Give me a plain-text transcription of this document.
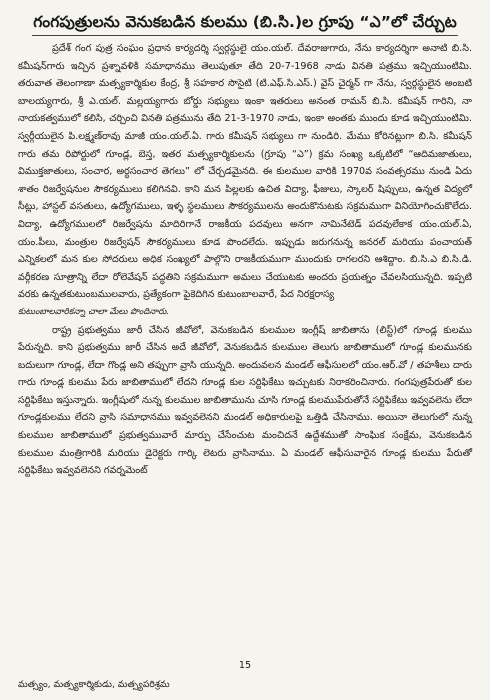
గంగపుత్రులను వెనుకబడిన కులము (బి.సి.)ల గ్రూపు “ఎ”లో చేర్చుట

ప్రదేశ్ గంగ పుత్ర సంఘం ప్రధాన కార్యదర్శి స్వర్గస్థులై యం.యల్. దేవరాజుగారు, నేను కార్యదర్శిగా అనాటి బి.సి. కమీషన్‌గారు ఇచ్చిన ప్రశ్నావళికి సమాధానము తెలుపుతూ తేది 20-7-1968 నాడు వినతి పత్రము ఇచ్చియుంటిమి. తరువాత తెలంగాణా మత్స్యకార్మికుల కేంద్ర, శ్రీ సహకార సొసైటి (టి.ఎఫ్.సి.ఎస్.) వైస్ చైర్మన్ గా నేను, స్వర్గస్థులైన అంబటి బాలయ్యగారు, శ్రీ ఎ.యల్. మల్లయ్యగారు బోర్డు సభ్యులు ఇంకా ఇతరులు అనంత రామన్ బి.సి. కమీషన్ గారిని, నా నాయకత్వములో కలిసి, చర్చించి వినతి పత్రమును తేది 21-3-1970 నాడు, ఇంకా అంతకు ముందు కూడ ఇచ్చియుంటిమి. స్వర్గీయులైన పి.లక్ష్మణ్‌రావు మాజీ యం.యల్.ఏ. గారు కమీషన్ సభ్యులు గా నుండిరి. మేము కోరినట్లుగా బి.సి. కమీషన్ గారు తమ రిపోర్టులో గూండ్ల, బెస్త, ఇతర మత్స్యకార్మికులను (గ్రూపు “ఎ”) క్రమ సంఖ్య ఒక్కటిలో “ఆదిమజాతులు, విముక్తజాతులు, సంచార, అర్ధసంచార తెగలు” లో చేర్చడమైనది. ఈ కులముల వారికి 1970వ సంవత్సరము నుండి ఏదు శాతం రిజర్వేషనుల సౌకర్యములు కలిగినవి. కాని మన పిల్లలకు ఉచిత విద్యా, ఫీజులు, స్కాలర్ షిప్పులు, ఉన్నత విద్యలో సీట్లు, హాస్టల్ వసతులు, ఉద్యోగములు, ఇళ్ళ స్థలములు సౌకర్యములను అందుకొనుటకు సక్రమముగా వినియోగించుకొలేదు. విద్యా, ఉద్యోగములలో రిజర్వేషను మాదిరిగానే రాజకీయ పదవులు అనగా నామినేటెడ్ పదవులేకాక యం.యల్.ఏ, యం.పీలు, మంత్రుల రిజర్వేషన్ సౌకర్యములు కూడ పొందలేదు. ఇప్పుడు జరుగనున్న జనరల్ మరియు పంచాయత్ ఎన్నికలలో మన కుల సోదరులు అధిక సంఖ్యలో పాల్గొని రాజకీయముగా ముందుకు రాగలరని ఆశిద్దాం. బి.సి.ఎ బి.సి.డి. వర్గీకరణ సూత్రాన్ని లేదా రోలెవేషన్ పద్ధతిని సక్రమముగా అమలు చేయుటకు అందరు ప్రయత్నం చేవలసియున్నది. ఇప్పటి వరకు ఉన్నతకుటుంబములవారు, ప్రత్యేకంగా పైకెదిగిన కుటుంబాలవారే, పేద నిరక్షరాస్య

కుటుంబాలవారికన్నా చాలా మేలు పొందినారు.

రాష్ట్ర ప్రభుత్వము జారీ చేసిన జీవోలో, వెనుకబడిన కులముల ఇంగ్లీష్ జాబితాను (లిస్ట్)లో గూండ్ల కులము పేరున్నది. కాని ప్రభుత్వము జారీ చేసిన అదే జీవోలో, వెనుకబడిన కులముల తెలుగు జాబితాములో గూండ్ల కులమునకు బదులుగా గూండ్ల, లేదా గొండ్ల అని తప్పుగా వ్రాసి యున్నది. అందువలన మండల్ ఆఫీసులలో యం.ఆర్.వో / తహశీలు దారు గారు గూండ్ల కులము పేరు జాబితాములో లేదని గూండ్ల కుల సర్టిఫికేటు ఇచ్చుటకు నిరాకరించినారు. గంగపుత్రపేరుతో కుల సర్టిఫికేటు ఇస్తున్నారు. ఇంగ్లీషులో నున్న కులముల జాబితామును చూసి గూండ్ల కులముపేరుతోనే సర్టిఫికేటు ఇవ్వవలెను లేదా గూండ్లకులము లేదని వ్రాసి సమాధానము ఇవ్వవలెనని మండల్ అధికారులపై ఒత్తిడి చేసినాము. అయినా తెలుగులో నున్న కులముల జాబితాములో ప్రభుత్వమువారే మార్పు చేసేంచుట మంచిదనే ఉద్దేశముతో సాంఘిక సంక్షేమ, వెనుకబడిన కులముల మంత్రిగారికి మరియు డైరెక్టరు గార్కి లెటరు వ్రాసినాము. ఏ మండల్ ఆఫీసువారైన గూండ్ల కులము పేరుతో సర్టిఫికేటు ఇవ్వవలెనని గవర్నమెంట్

15
మత్స్యం, మత్స్యకార్మికుడు, మత్స్యపరిశ్రమ
